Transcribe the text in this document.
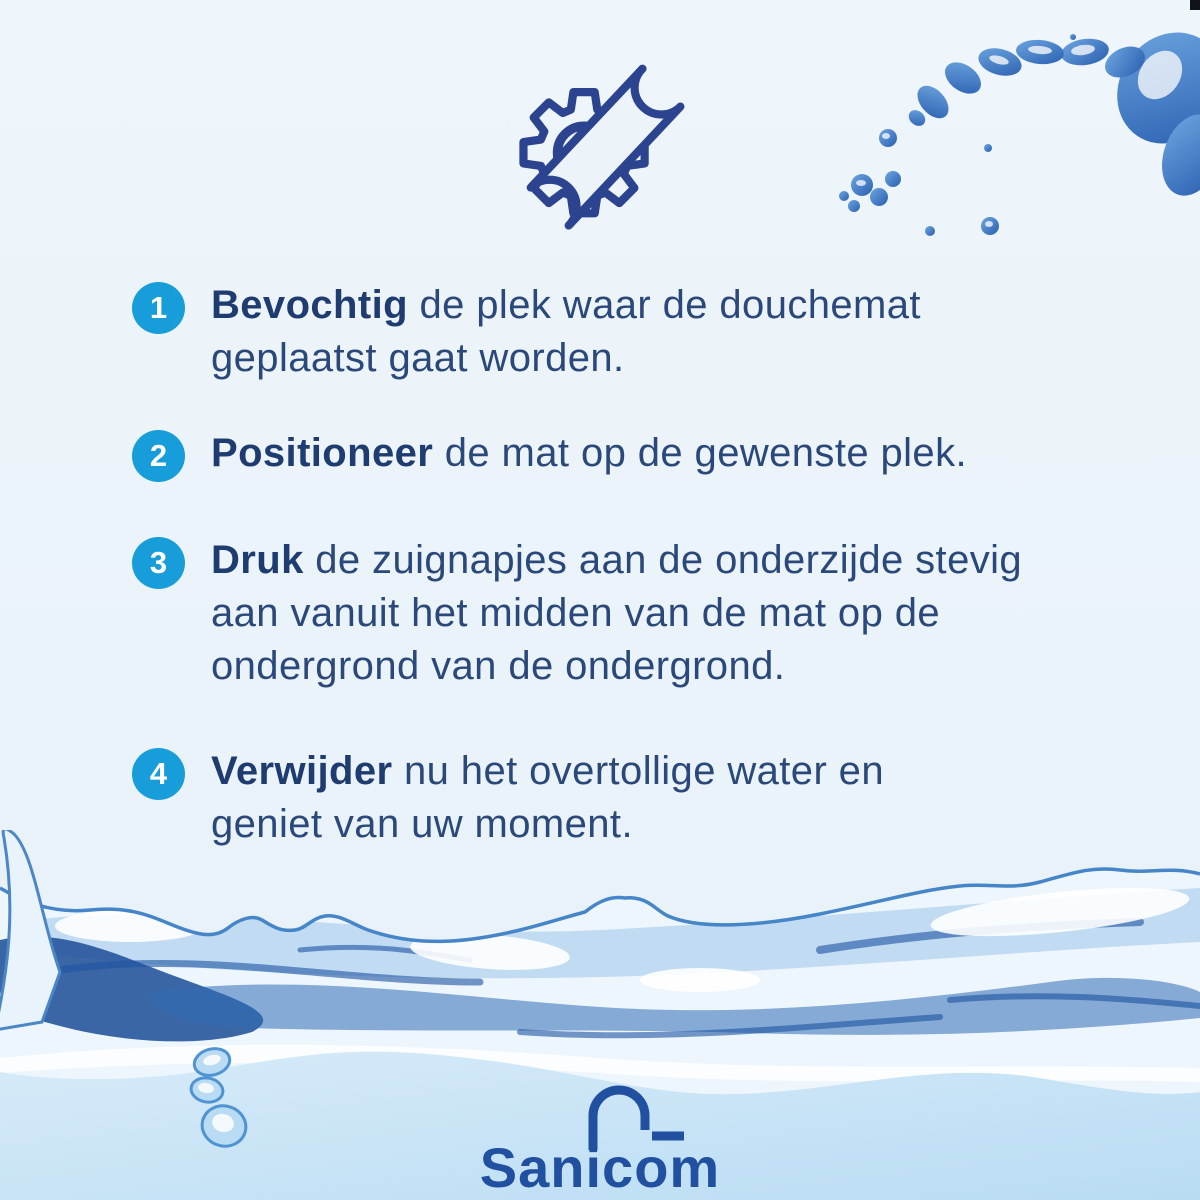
1	Bevochtig de plek waar de douchemat geplaatst gaat worden.
2	Positioneer de mat op de gewenste plek.
3	Druk de zuignapjes aan de onderzijde stevig aan vanuit het midden van de mat op de ondergrond van de ondergrond.
4	Verwijder nu het overtollige water en geniet van uw moment.
Sanicom
